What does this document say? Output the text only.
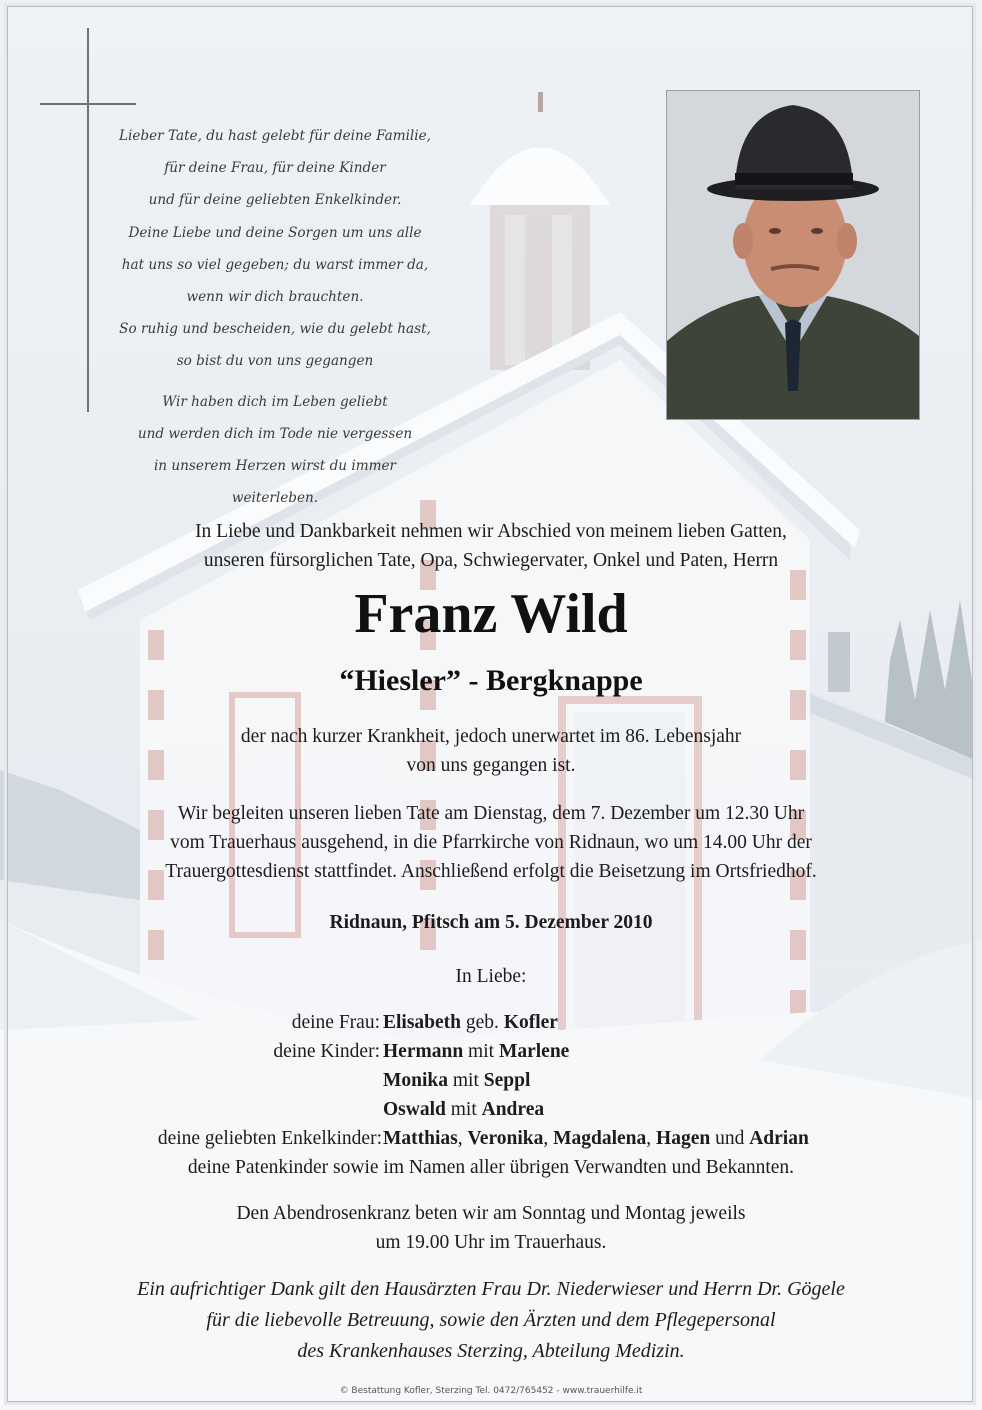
Lieber Tate, du hast gelebt für deine Familie,

für deine Frau, für deine Kinder

und für deine geliebten Enkelkinder.

Deine Liebe und deine Sorgen um uns alle

hat uns so viel gegeben; du warst immer da,

wenn wir dich brauchten.

So ruhig und bescheiden, wie du gelebt hast,

so bist du von uns gegangen

Wir haben dich im Leben geliebt

und werden dich im Tode nie vergessen

in unserem Herzen wirst du immer weiterleben.

In Liebe und Dankbarkeit nehmen wir Abschied von meinem lieben Gatten,
unseren fürsorglichen Tate, Opa, Schwiegervater, Onkel und Paten, Herrn
Franz Wild
“Hiesler” - Bergknappe
der nach kurzer Krankheit, jedoch unerwartet im 86. Lebensjahr
von uns gegangen ist.
Wir begleiten unseren lieben Tate am Dienstag, dem 7. Dezember um 12.30 Uhr
vom Trauerhaus ausgehend, in die Pfarrkirche von Ridnaun, wo um 14.00 Uhr der
Trauergottesdienst stattfindet. Anschließend erfolgt die Beisetzung im Ortsfriedhof.
Ridnaun, Pfitsch am 5. Dezember 2010
In Liebe:
deine Frau:
deine Kinder:
deine geliebten Enkelkinder:
Elisabeth geb. Kofler
Hermann mit Marlene
Monika mit Seppl
Oswald mit Andrea
Matthias, Veronika, Magdalena, Hagen und Adrian
deine Patenkinder sowie im Namen aller übrigen Verwandten und Bekannten.
Den Abendrosenkranz beten wir am Sonntag und Montag jeweils
um 19.00 Uhr im Trauerhaus.
Ein aufrichtiger Dank gilt den Hausärzten Frau Dr. Niederwieser und Herrn Dr. Gögele
für die liebevolle Betreuung, sowie den Ärzten und dem Pflegepersonal
des Krankenhauses Sterzing, Abteilung Medizin.
© Bestattung Kofler, Sterzing Tel. 0472/765452 - www.trauerhilfe.it
